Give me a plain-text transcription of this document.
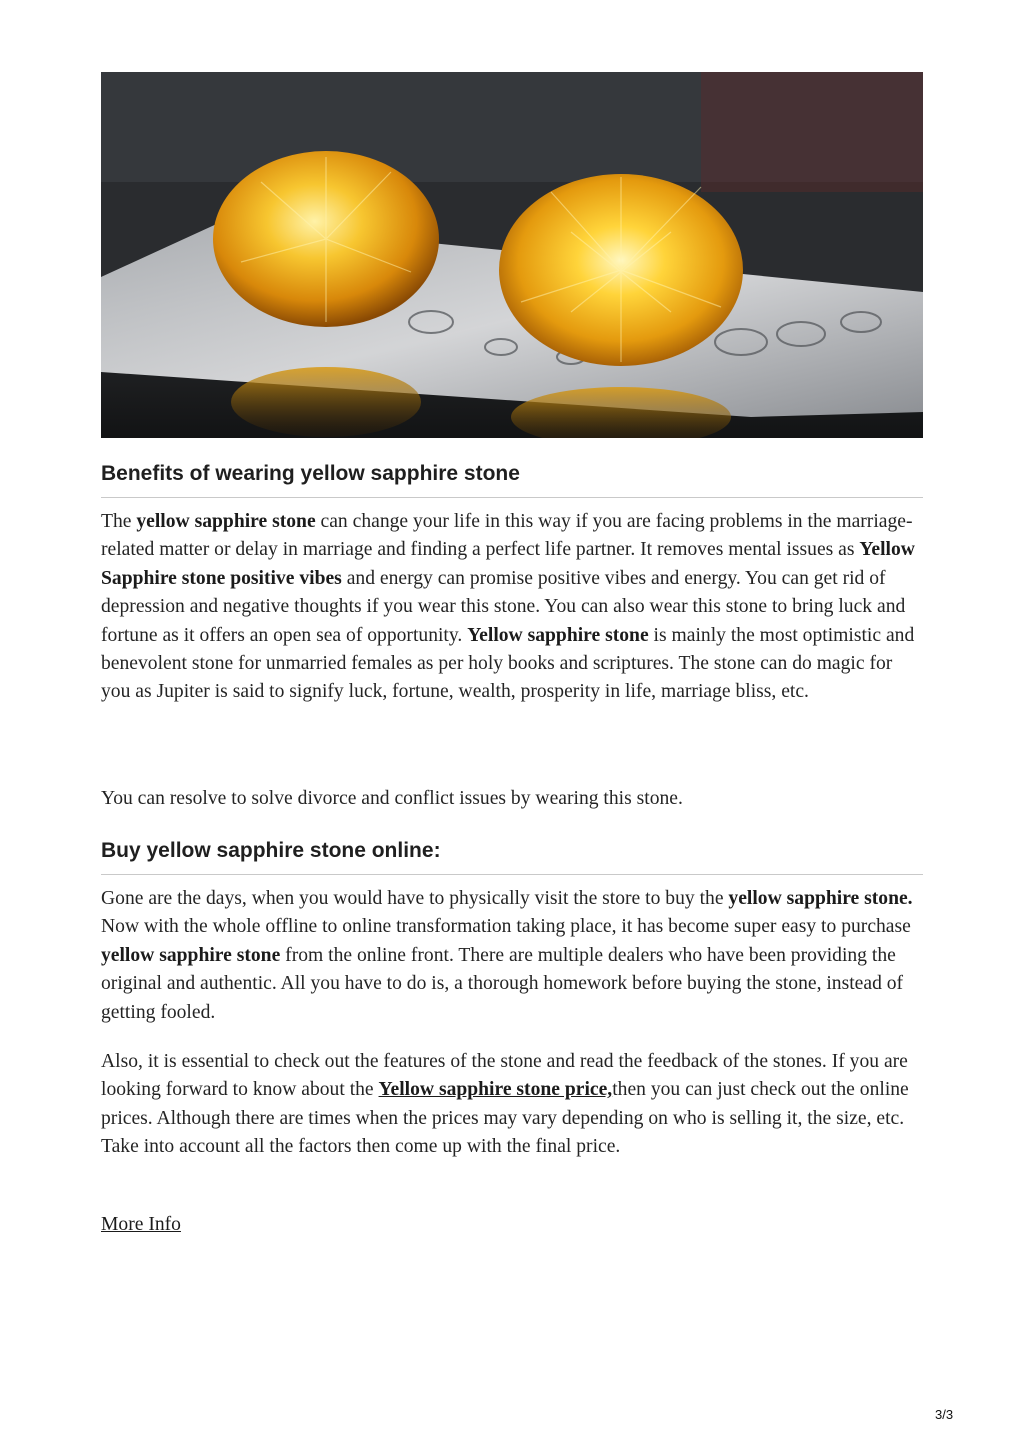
Benefits of wearing yellow sapphire stone

The yellow sapphire stone can change your life in this way if you are facing problems in the marriage-related matter or delay in marriage and finding a perfect life partner. It removes mental issues as Yellow Sapphire stone positive vibes and energy can promise positive vibes and energy. You can get rid of depression and negative thoughts if you wear this stone. You can also wear this stone to bring luck and fortune as it offers an open sea of opportunity. Yellow sapphire stone is mainly the most optimistic and benevolent stone for unmarried females as per holy books and scriptures. The stone can do magic for you as Jupiter is said to signify luck, fortune, wealth, prosperity in life, marriage bliss, etc.

You can resolve to solve divorce and conflict issues by wearing this stone.

Buy yellow sapphire stone online:

Gone are the days, when you would have to physically visit the store to buy the yellow sapphire stone. Now with the whole offline to online transformation taking place, it has become super easy to purchase yellow sapphire stone from the online front. There are multiple dealers who have been providing the original and authentic. All you have to do is, a thorough homework before buying the stone, instead of getting fooled.

Also, it is essential to check out the features of the stone and read the feedback of the stones. If you are looking forward to know about the Yellow sapphire stone price,then you can just check out the online prices. Although there are times when the prices may vary depending on who is selling it, the size, etc. Take into account all the factors then come up with the final price.

More Info

3/3
